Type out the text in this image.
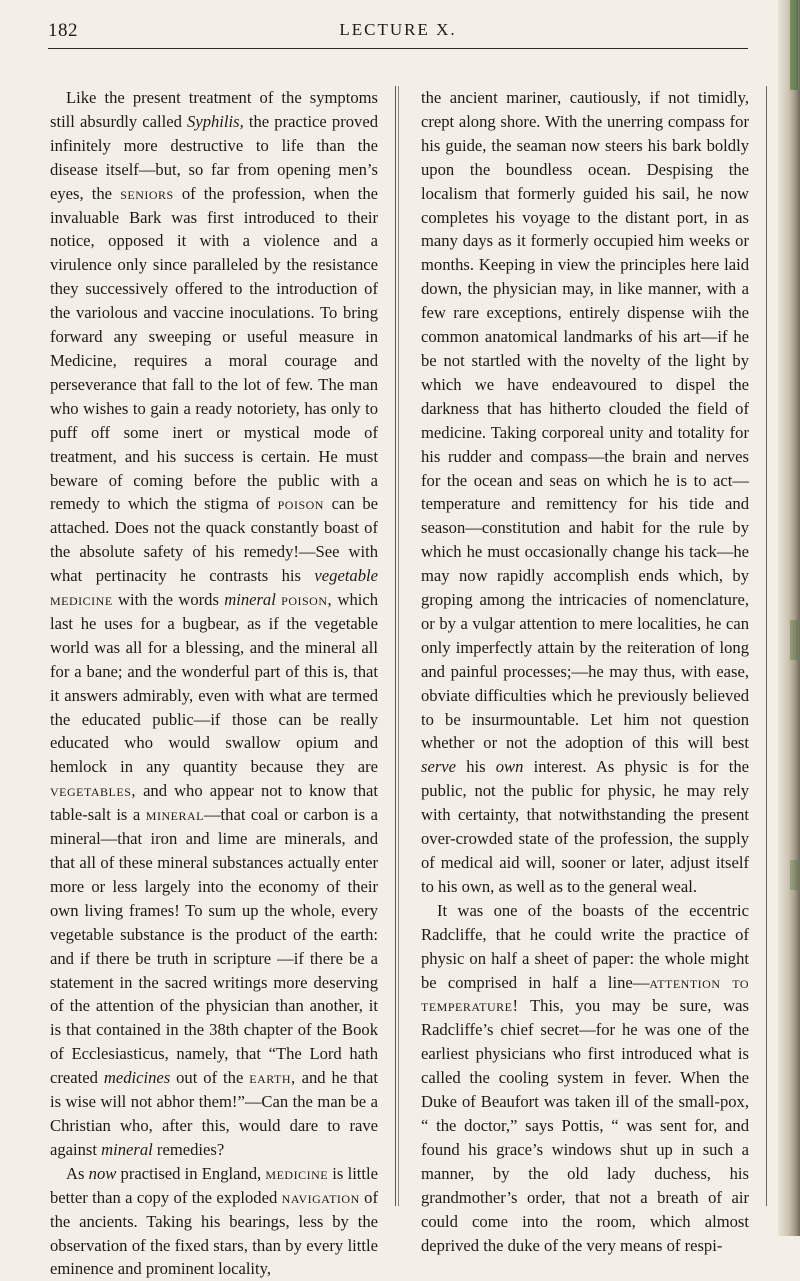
182	LECTURE X.

Like the present treatment of the symptoms still absurdly called Syphilis, the practice proved infinitely more destructive to life than the disease itself—but, so far from opening men’s eyes, the seniors of the profession, when the invaluable Bark was first introduced to their notice, opposed it with a violence and a virulence only since paralleled by the resistance they successively offered to the introduction of the variolous and vaccine inoculations. To bring forward any sweeping or useful measure in Medicine, requires a moral courage and perseverance that fall to the lot of few. The man who wishes to gain a ready notoriety, has only to puff off some inert or mystical mode of treatment, and his success is certain. He must beware of coming before the public with a remedy to which the stigma of poison can be attached. Does not the quack constantly boast of the absolute safety of his remedy!—See with what pertinacity he contrasts his vegetable medicine with the words mineral poison, which last he uses for a bugbear, as if the vegetable world was all for a blessing, and the mineral all for a bane; and the wonderful part of this is, that it answers admirably, even with what are termed the educated public—if those can be really educated who would swallow opium and hemlock in any quantity because they are vegetables, and who appear not to know that table-salt is a mineral—that coal or carbon is a mineral—that iron and lime are minerals, and that all of these mineral substances actually enter more or less largely into the economy of their own living frames! To sum up the whole, every vegetable substance is the product of the earth: and if there be truth in scripture —if there be a statement in the sacred writings more deserving of the attention of the physician than another, it is that contained in the 38th chapter of the Book of Ecclesiasticus, namely, that “The Lord hath created medicines out of the earth, and he that is wise will not abhor them!”—Can the man be a Christian who, after this, would dare to rave against mineral remedies?

As now practised in England, medicine is little better than a copy of the exploded navigation of the ancients. Taking his bearings, less by the observation of the fixed stars, than by every little eminence and prominent locality,

the ancient mariner, cautiously, if not timidly, crept along shore. With the unerring compass for his guide, the seaman now steers his bark boldly upon the boundless ocean. Despising the localism that formerly guided his sail, he now completes his voyage to the distant port, in as many days as it formerly occupied him weeks or months. Keeping in view the principles here laid down, the physician may, in like manner, with a few rare exceptions, entirely dispense wiih the common anatomical landmarks of his art—if he be not startled with the novelty of the light by which we have endeavoured to dispel the darkness that has hitherto clouded the field of medicine. Taking corporeal unity and totality for his rudder and compass—the brain and nerves for the ocean and seas on which he is to act—temperature and remittency for his tide and season—constitution and habit for the rule by which he must occasionally change his tack—he may now rapidly accomplish ends which, by groping among the intricacies of nomenclature, or by a vulgar attention to mere localities, he can only imperfectly attain by the reiteration of long and painful processes;—he may thus, with ease, obviate difficulties which he previously believed to be insurmountable. Let him not question whether or not the adoption of this will best serve his own interest. As physic is for the public, not the public for physic, he may rely with certainty, that notwithstanding the present over-crowded state of the profession, the supply of medical aid will, sooner or later, adjust itself to his own, as well as to the general weal.

It was one of the boasts of the eccentric Radcliffe, that he could write the practice of physic on half a sheet of paper: the whole might be comprised in half a line—attention to temperature! This, you may be sure, was Radcliffe’s chief secret—for he was one of the earliest physicians who first introduced what is called the cooling system in fever. When the Duke of Beaufort was taken ill of the small-pox, “ the doctor,” says Pottis, “ was sent for, and found his grace’s windows shut up in such a manner, by the old lady duchess, his grandmother’s order, that not a breath of air could come into the room, which almost deprived the duke of the very means of respi-
